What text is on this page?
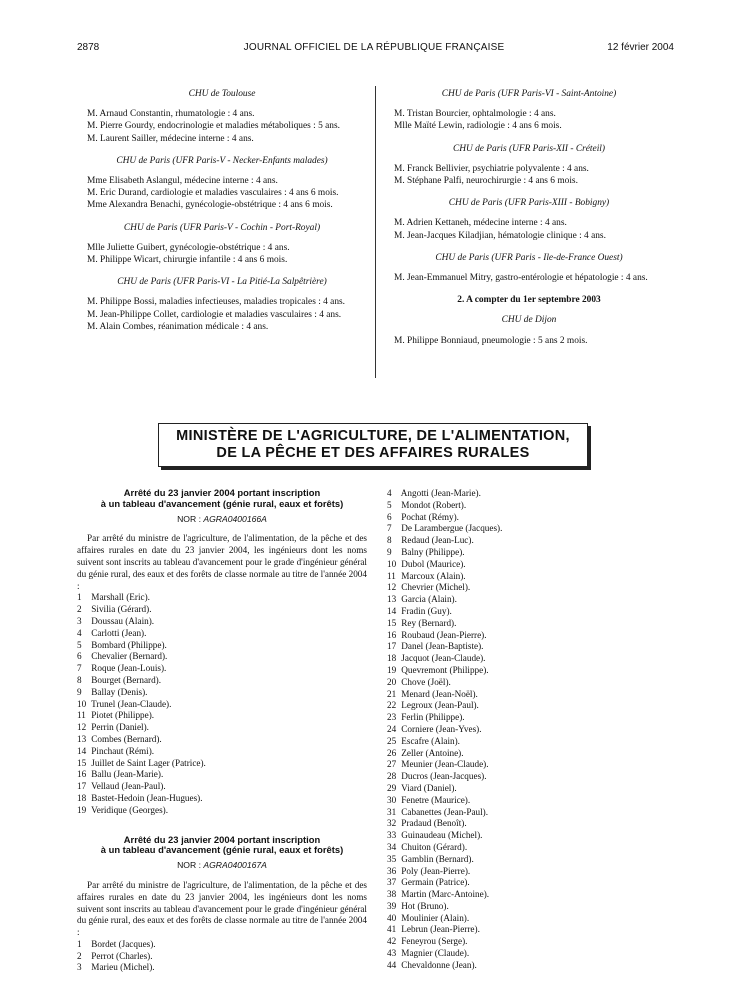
2878	JOURNAL OFFICIEL DE LA RÉPUBLIQUE FRANÇAISE	12 février 2004
CHU de Toulouse

M. Arnaud Constantin, rhumatologie : 4 ans.

M. Pierre Gourdy, endocrinologie et maladies métaboliques : 5 ans.

M. Laurent Sailler, médecine interne : 4 ans.

CHU de Paris (UFR Paris-V - Necker-Enfants malades)

Mme Elisabeth Aslangul, médecine interne : 4 ans.

M. Eric Durand, cardiologie et maladies vasculaires : 4 ans 6 mois.

Mme Alexandra Benachi, gynécologie-obstétrique : 4 ans 6 mois.

CHU de Paris (UFR Paris-V - Cochin - Port-Royal)

Mlle Juliette Guibert, gynécologie-obstétrique : 4 ans.

M. Philippe Wicart, chirurgie infantile : 4 ans 6 mois.

CHU de Paris (UFR Paris-VI - La Pitié-La Salpêtrière)

M. Philippe Bossi, maladies infectieuses, maladies tropicales : 4 ans.

M. Jean-Philippe Collet, cardiologie et maladies vasculaires : 4 ans.

M. Alain Combes, réanimation médicale : 4 ans.

CHU de Paris (UFR Paris-VI - Saint-Antoine)

M. Tristan Bourcier, ophtalmologie : 4 ans.

Mlle Maïté Lewin, radiologie : 4 ans 6 mois.

CHU de Paris (UFR Paris-XII - Créteil)

M. Franck Bellivier, psychiatrie polyvalente : 4 ans.

M. Stéphane Palfi, neurochirurgie : 4 ans 6 mois.

CHU de Paris (UFR Paris-XIII - Bobigny)

M. Adrien Kettaneh, médecine interne : 4 ans.

M. Jean-Jacques Kiladjian, hématologie clinique : 4 ans.

CHU de Paris (UFR Paris - Ile-de-France Ouest)

M. Jean-Emmanuel Mitry, gastro-entérologie et hépatologie : 4 ans.

2. A compter du 1er septembre 2003
CHU de Dijon

M. Philippe Bonniaud, pneumologie : 5 ans 2 mois.

MINISTÈRE DE L'AGRICULTURE, DE L'ALIMENTATION,
DE LA PÊCHE ET DES AFFAIRES RURALES
Arrêté du 23 janvier 2004 portant inscription
à un tableau d'avancement (génie rural, eaux et forêts)
NOR : AGRA0400166A

Par arrêté du ministre de l'agriculture, de l'alimentation, de la pêche et des affaires rurales en date du 23 janvier 2004, les ingénieurs dont les noms suivent sont inscrits au tableau d'avancement pour le grade d'ingénieur général du génie rural, des eaux et des forêts de classe normale au titre de l'année 2004 :

1 Marshall (Eric).
2 Sivilia (Gérard).
3 Doussau (Alain).
4 Carlotti (Jean).
5 Bombard (Philippe).
6 Chevalier (Bernard).
7 Roque (Jean-Louis).
8 Bourget (Bernard).
9 Ballay (Denis).
10 Trunel (Jean-Claude).
11 Piotet (Philippe).
12 Perrin (Daniel).
13 Combes (Bernard).
14 Pinchaut (Rémi).
15 Juillet de Saint Lager (Patrice).
16 Ballu (Jean-Marie).
17 Vellaud (Jean-Paul).
18 Bastet-Hedoin (Jean-Hugues).
19 Veridique (Georges).
Arrêté du 23 janvier 2004 portant inscription
à un tableau d'avancement (génie rural, eaux et forêts)
NOR : AGRA0400167A

Par arrêté du ministre de l'agriculture, de l'alimentation, de la pêche et des affaires rurales en date du 23 janvier 2004, les ingénieurs dont les noms suivent sont inscrits au tableau d'avancement pour le grade d'ingénieur général du génie rural, des eaux et des forêts de classe normale au titre de l'année 2004 :

1 Bordet (Jacques).
2 Perrot (Charles).
3 Marieu (Michel).
4 Angotti (Jean-Marie).
5 Mondot (Robert).
6 Pochat (Rémy).
7 De Larambergue (Jacques).
8 Redaud (Jean-Luc).
9 Balny (Philippe).
10 Dubol (Maurice).
11 Marcoux (Alain).
12 Chevrier (Michel).
13 Garcia (Alain).
14 Fradin (Guy).
15 Rey (Bernard).
16 Roubaud (Jean-Pierre).
17 Danel (Jean-Baptiste).
18 Jacquot (Jean-Claude).
19 Quevremont (Philippe).
20 Chove (Joël).
21 Menard (Jean-Noël).
22 Legroux (Jean-Paul).
23 Ferlin (Philippe).
24 Corniere (Jean-Yves).
25 Escafre (Alain).
26 Zeller (Antoine).
27 Meunier (Jean-Claude).
28 Ducros (Jean-Jacques).
29 Viard (Daniel).
30 Fenetre (Maurice).
31 Cabanettes (Jean-Paul).
32 Pradaud (Benoît).
33 Guinaudeau (Michel).
34 Chuiton (Gérard).
35 Gamblin (Bernard).
36 Poly (Jean-Pierre).
37 Germain (Patrice).
38 Martin (Marc-Antoine).
39 Hot (Bruno).
40 Moulinier (Alain).
41 Lebrun (Jean-Pierre).
42 Feneyrou (Serge).
43 Magnier (Claude).
44 Chevaldonne (Jean).
